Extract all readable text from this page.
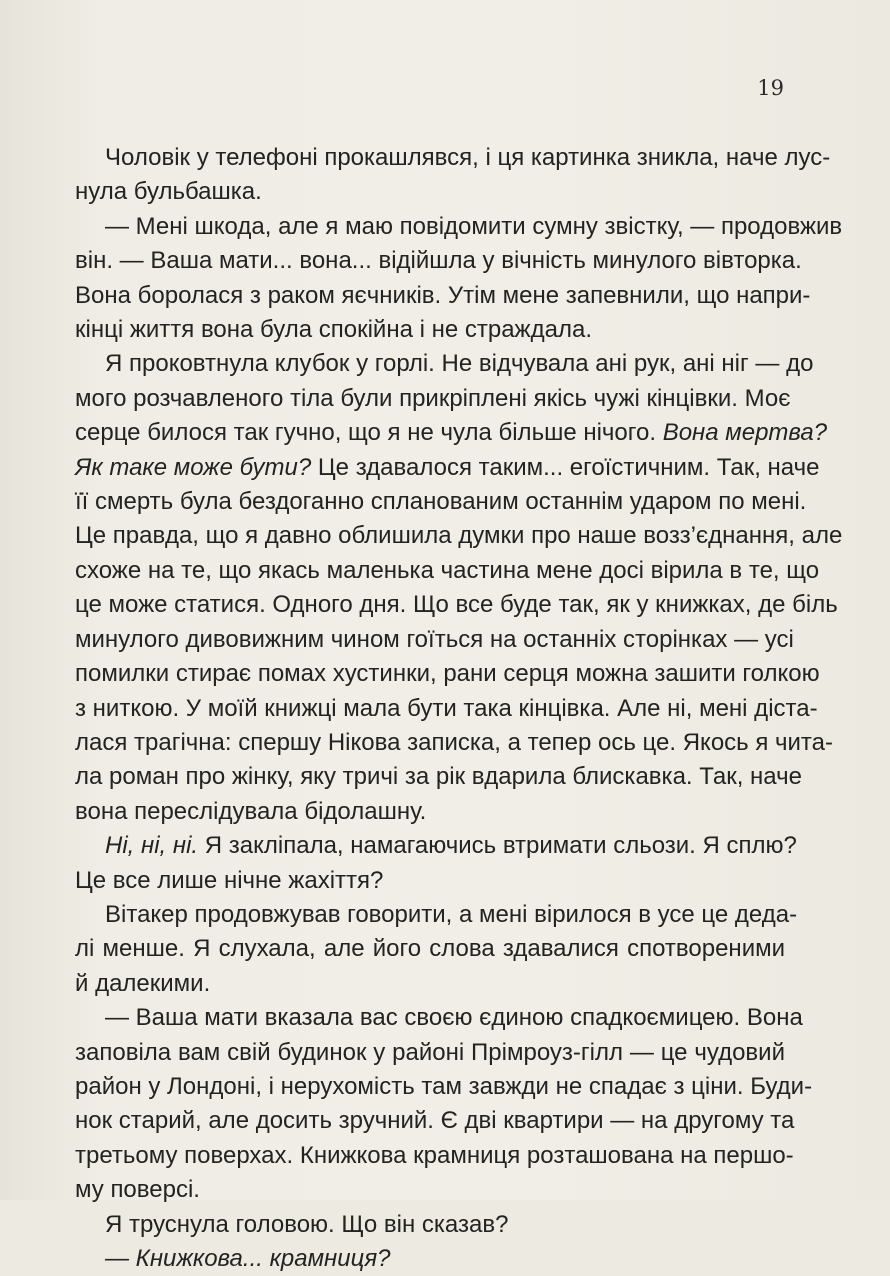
19
Чоловік у телефоні прокашлявся, і ця картинка зникла, наче лус-
нула бульбашка.
— Мені шкода, але я маю повідомити сумну звістку, — продовжив
він. — Ваша мати... вона... відійшла у вічність минулого вівторка.
Вона боролася з раком яєчників. Утім мене запевнили, що напри-
кінці життя вона була спокійна і не страждала.
Я проковтнула клубок у горлі. Не відчувала ані рук, ані ніг — до
мого розчавленого тіла були прикріплені якісь чужі кінцівки. Моє
серце билося так гучно, що я не чула більше нічого. Вона мертва?
Як таке може бути? Це здавалося таким... егоїстичним. Так, наче
її смерть була бездоганно спланованим останнім ударом по мені.
Це правда, що я давно облишила думки про наше возз’єднання, але
схоже на те, що якась маленька частина мене досі вірила в те, що
це може статися. Одного дня. Що все буде так, як у книжках, де біль
минулого дивовижним чином гоїться на останніх сторінках — усі
помилки стирає помах хустинки, рани серця можна зашити голкою
з ниткою. У моїй книжці мала бути така кінцівка. Але ні, мені діста-
лася трагічна: спершу Нікова записка, а тепер ось це. Якось я чита-
ла роман про жінку, яку тричі за рік вдарила блискавка. Так, наче
вона переслідувала бідолашну.
Ні, ні, ні. Я закліпала, намагаючись втримати сльози. Я сплю?
Це все лише нічне жахіття?
Вітакер продовжував говорити, а мені вірилося в усе це деда-
лі менше. Я слухала, але його слова здавалися спотвореними
й далекими.
— Ваша мати вказала вас своєю єдиною спадкоємицею. Вона
заповіла вам свій будинок у районі Прімроуз-гілл — це чудовий
район у Лондоні, і нерухомість там завжди не спадає з ціни. Буди-
нок старий, але досить зручний. Є дві квартири — на другому та
третьому поверхах. Книжкова крамниця розташована на першо-
му поверсі.
Я труснула головою. Що він сказав?
— Книжкова... крамниця?
